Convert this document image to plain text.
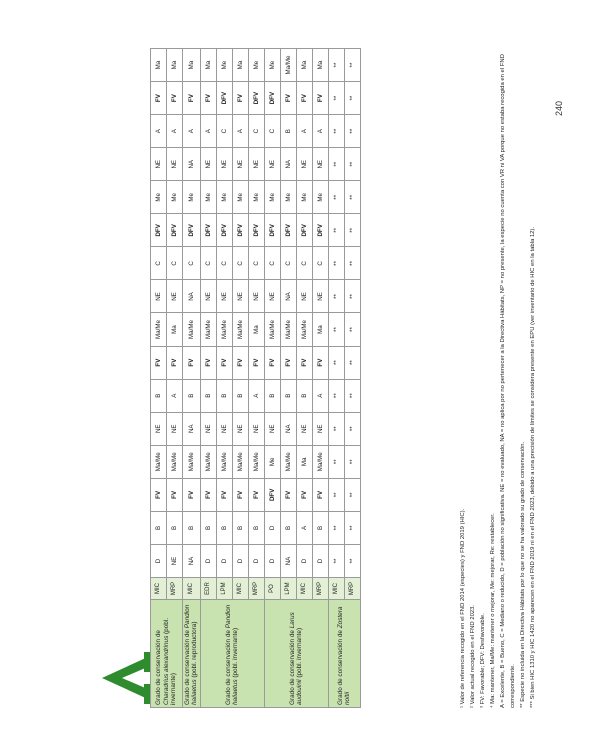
240
Grado de conservación de Charadrius alexandrinus (pobl. invernante)	MIC	D	B	FV	Ma/Me	NE	B	FV	Ma/Me	NE	C	DFV	Me	NE	A	FV	Ma
	MRP	NE	B	FV	Ma/Me	NE	A	FV	Ma	NE	C	DFV	Me	NE	A	FV	Ma
Grado de conservación de Pandion haliaetus (pobl. reproductora)	MIC	NA	B	FV	Ma/Me	NA	B	FV	Ma/Me	NA	C	DFV	Me	NA	A	FV	Ma
Grado de conservación de Pandion haliaetus (pobl. invernante)	EDR	D	B	FV	Ma/Me	NE	B	FV	Ma/Me	NE	C	DFV	Me	NE	A	FV	Ma
	LPM	D	B	FV	Ma/Me	NE	B	FV	Ma/Me	NE	C	DFV	Me	NE	C	DFV	Me
	MIC	D	B	FV	Ma/Me	NE	B	FV	Ma/Me	NE	C	DFV	Me	NE	A	FV	Ma
	MRP	D	B	FV	Ma/Me	NE	A	FV	Ma	NE	C	DFV	Me	NE	C	DFV	Me
Grado de conservación de Larus audouinii (pobl. invernante)	PO	D	D	DFV	Me	NE	B	FV	Ma/Me	NE	C	DFV	Me	NE	C	DFV	Me
	LPM	NA	B	FV	Ma/Me	NA	B	FV	Ma/Me	NA	C	DFV	Me	NA	B	FV	Ma/Me
	MIC	D	A	FV	Ma	NE	B	FV	Ma/Me	NE	C	DFV	Me	NE	A	FV	Ma
	MRP	D	B	FV	Ma/Me	NE	A	FV	Ma	NE	C	DFV	Me	NE	A	FV	Ma
Grado de conservación de Zostera noltii	MIC	**	**	**	**	**	**	**	**	**	**	**	**	**	**	**	**
	MRP	**	**	**	**	**	**	**	**	**	**	**	**	**	**	**	**

¹ Valor de referencia recogido en el FND 2014 (especies) y FND 2019 (HIC). ² Valor actual recogido en el FND 2023. ³ FV: Favorable; DFV: Desfavorable. ⁴ Ma: mantener, Ma/Me: mantener o mejorar, Me: mejorar, Re: restablecer. A = Excelente, B = Bueno, C = Mediano o reducido, D = población no significativa. NE = no evaluado, NA = no aplica por no pertenecer a la Directiva Hábitats, NP = no presente, la especie no cuenta con VR ni VA porque no estaba recogida en el FND correspondiente. ** Especie no incluida en la Directiva Hábitats por lo que no se ha valorado su grado de conservación. *** Si bien HIC 1310 y HIC 1420 no aparecen en el FND 2019 ni en el FND 2023, debido a una precisión de límites se considera presente en EPU (ver inventario de HIC en la tabla 12).
